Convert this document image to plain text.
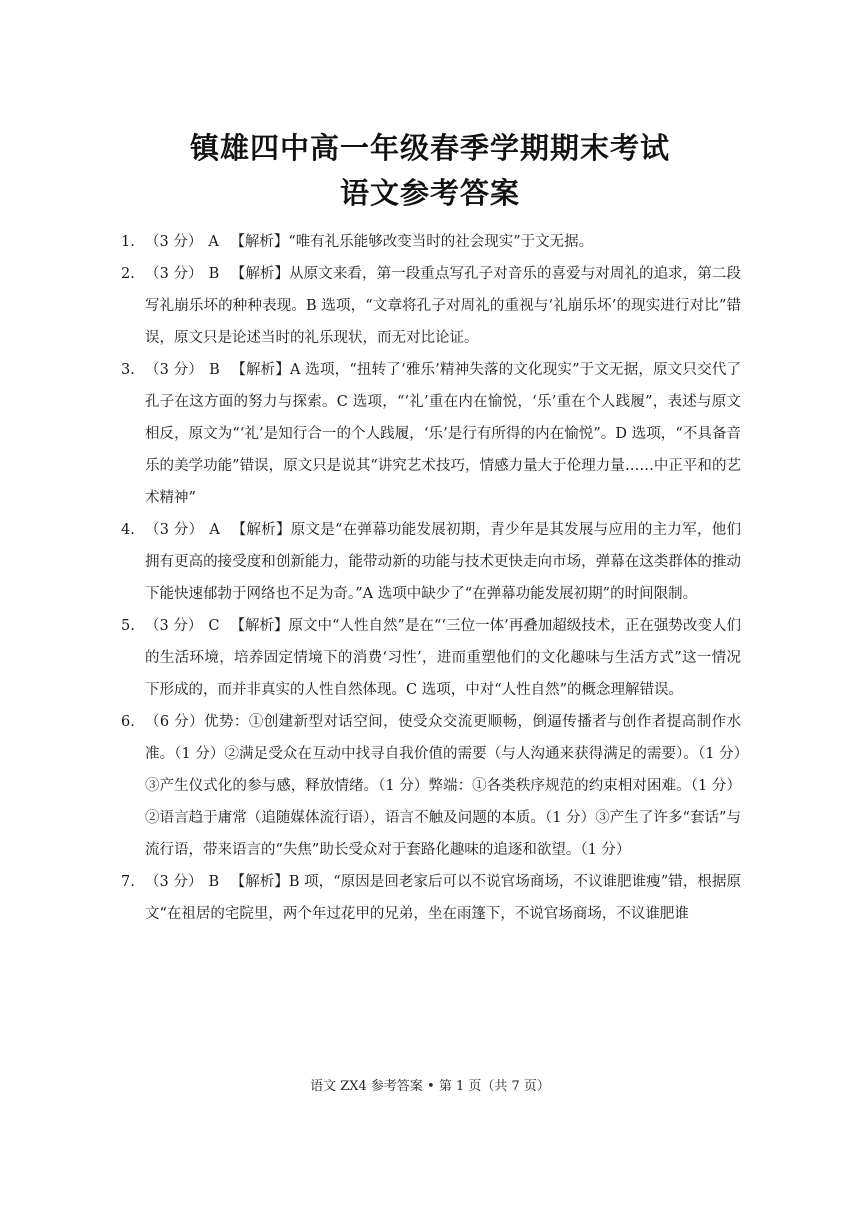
镇雄四中高一年级春季学期期末考试
语文参考答案
1. （3 分） A 【解析】“唯有礼乐能够改变当时的社会现实”于文无据。
2. （3 分） B 【解析】从原文来看，第一段重点写孔子对音乐的喜爱与对周礼的追求，第二段写礼崩乐坏的种种表现。B 选项，“文章将孔子对周礼的重视与‘礼崩乐坏’的现实进行对比”错误，原文只是论述当时的礼乐现状，而无对比论证。
3. （3 分） B 【解析】A 选项，“扭转了‘雅乐’精神失落的文化现实”于文无据，原文只交代了孔子在这方面的努力与探索。C 选项，“‘礼’重在内在愉悦，‘乐’重在个人践履”，表述与原文相反，原文为“‘礼’是知行合一的个人践履，‘乐’是行有所得的内在愉悦”。D 选项，“不具备音乐的美学功能”错误，原文只是说其“讲究艺术技巧，情感力量大于伦理力量……中正平和的艺术精神”
4. （3 分） A 【解析】原文是“在弹幕功能发展初期，青少年是其发展与应用的主力军，他们拥有更高的接受度和创新能力，能带动新的功能与技术更快走向市场，弹幕在这类群体的推动下能快速郁勃于网络也不足为奇。”A 选项中缺少了“在弹幕功能发展初期”的时间限制。
5. （3 分） C 【解析】原文中“人性自然”是在“‘三位一体’再叠加超级技术，正在强势改变人们的生活环境，培养固定情境下的消费‘习性’，进而重塑他们的文化趣味与生活方式”这一情况下形成的，而并非真实的人性自然体现。C 选项，中对“人性自然”的概念理解错误。
6. （6 分）优势：①创建新型对话空间，使受众交流更顺畅，倒逼传播者与创作者提高制作水准。（1 分）②满足受众在互动中找寻自我价值的需要（与人沟通来获得满足的需要）。（1 分）③产生仪式化的参与感，释放情绪。（1 分）弊端：①各类秩序规范的约束相对困难。（1 分）②语言趋于庸常（追随媒体流行语），语言不触及问题的本质。（1 分）③产生了许多“套话”与流行语，带来语言的“失焦”助长受众对于套路化趣味的追逐和欲望。（1 分）
7. （3 分） B 【解析】B 项，“原因是回老家后可以不说官场商场，不议谁肥谁瘦”错，根据原文“在祖居的宅院里，两个年过花甲的兄弟，坐在雨篷下，不说官场商场，不议谁肥谁
语文 ZX4 参考答案 • 第 1 页（共 7 页）
